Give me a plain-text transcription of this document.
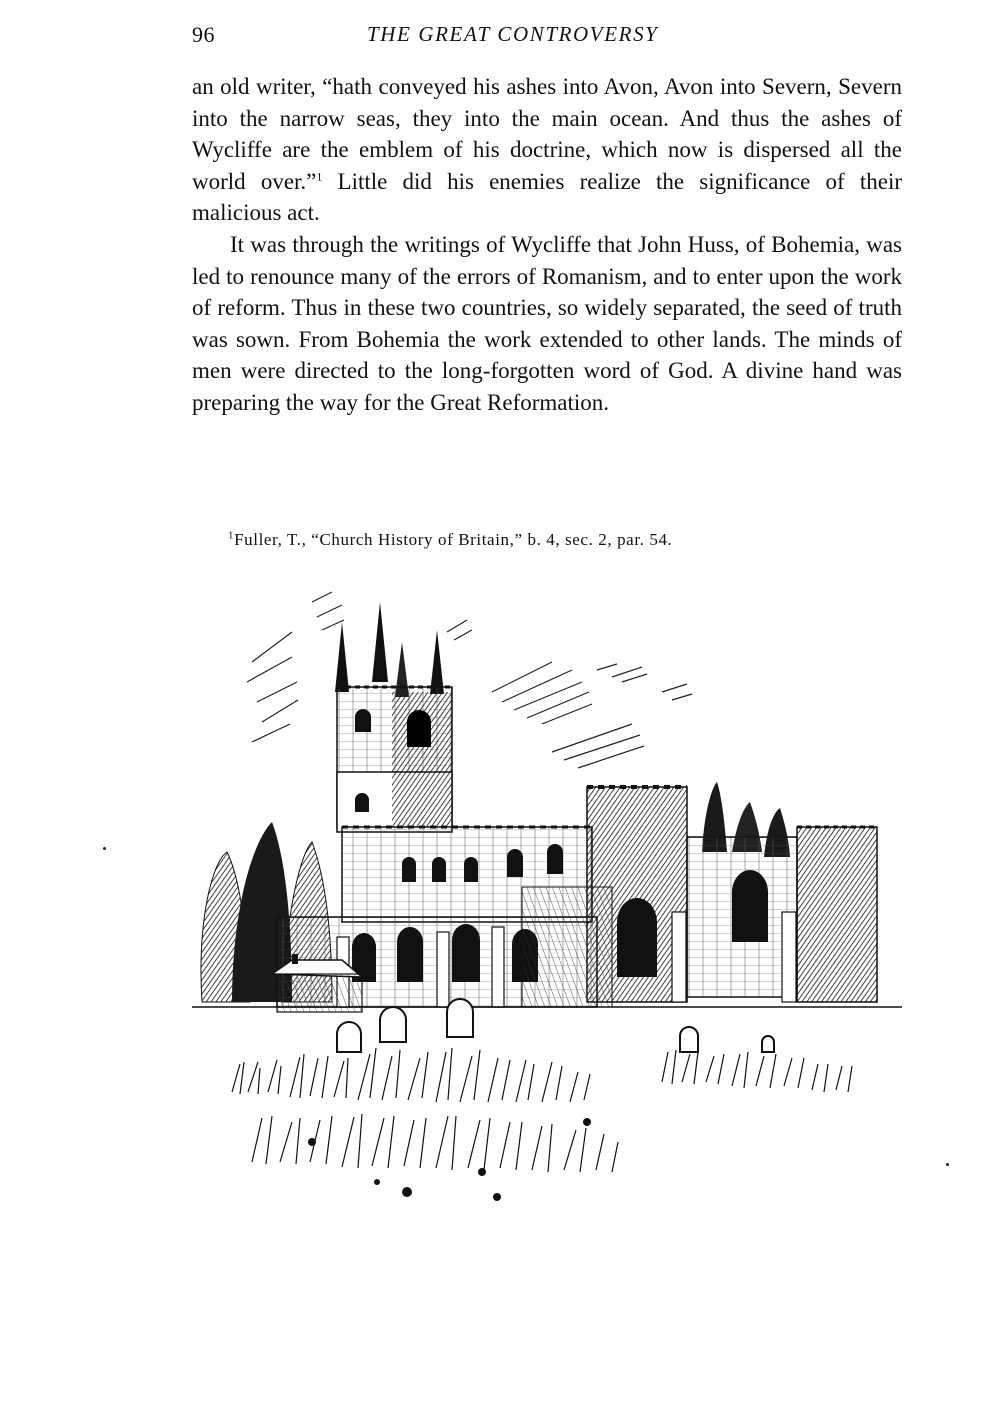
96	THE GREAT CONTROVERSY

an old writer, “hath conveyed his ashes into Avon, Avon into Severn, Severn into the narrow seas, they into the main ocean. And thus the ashes of Wycliffe are the emblem of his doctrine, which now is dispersed all the world over.”$^1$ Little did his enemies realize the significance of their malicious act.

It was through the writings of Wycliffe that John Huss, of Bohemia, was led to renounce many of the errors of Romanism, and to enter upon the work of reform. Thus in these two countries, so widely separated, the seed of truth was sown. From Bohemia the work extended to other lands. The minds of men were directed to the long-forgotten word of God. A divine hand was preparing the way for the Great Reformation.

$^1$Fuller, T., “Church History of Britain,” b. 4, sec. 2, par. 54.
